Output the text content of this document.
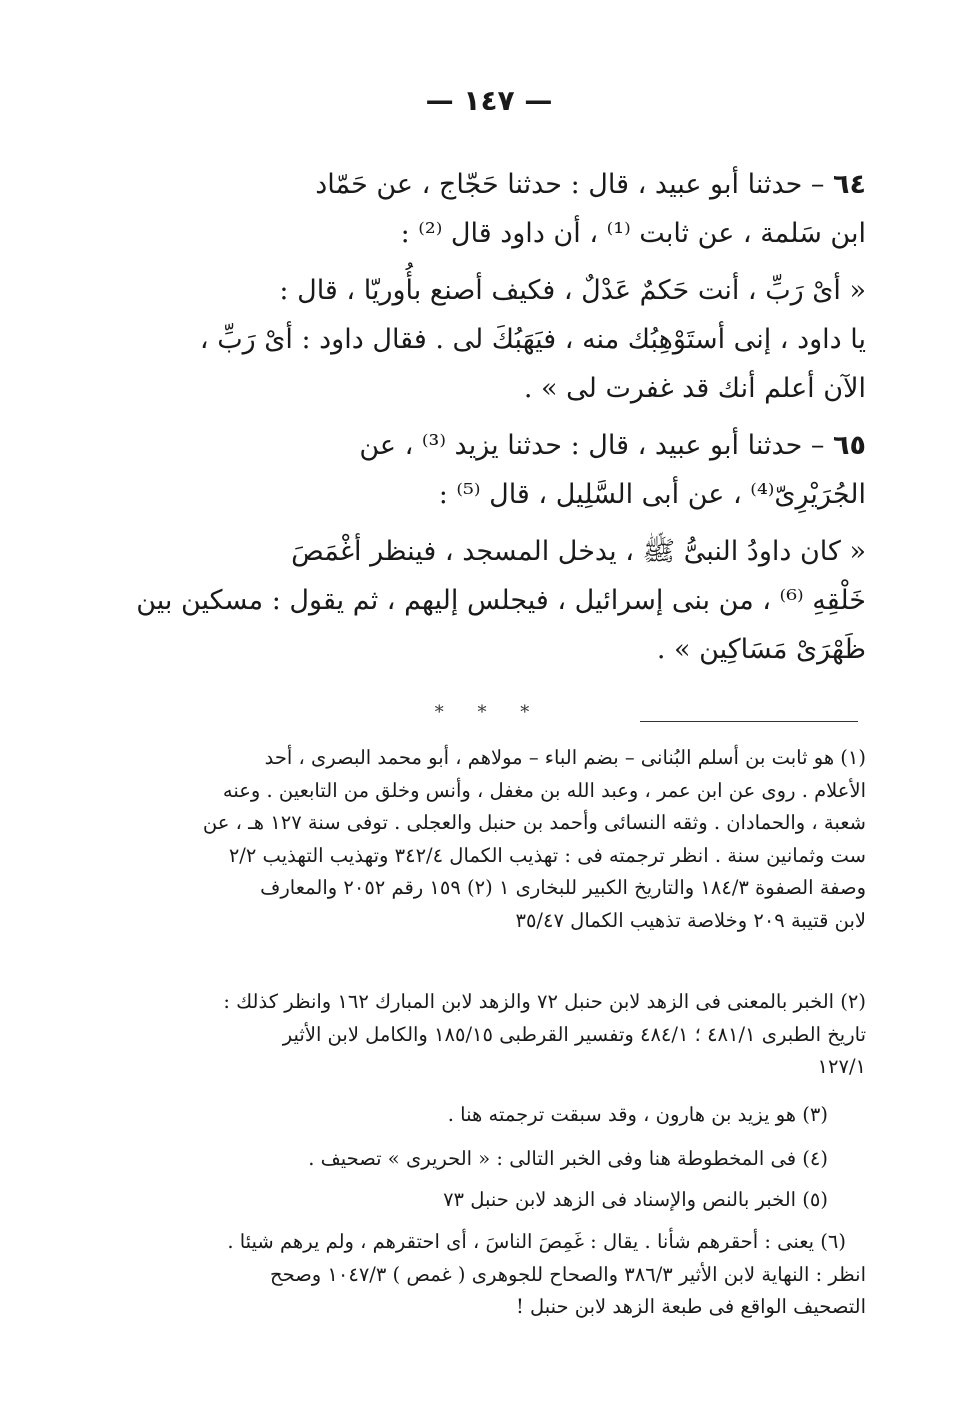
— ١٤٧ —
٦٤ – حدثنا أبو عبيد ، قال : حدثنا حَجّاج ، عن حَمّاد
ابن سَلمة ، عن ثابت ⁽¹⁾ ، أن داود قال ⁽²⁾ :
« أىْ رَبِّ ، أنت حَكمٌ عَدْلٌ ، فكيف أصنع بأُوريّا ، قال :
يا داود ، إنى أستَوْهِبُك منه ، فيَهَبُكَ لى . فقال داود : أىْ رَبِّ ،
الآن أعلم أنك قد غفرت لى » .
٦٥ – حدثنا أبو عبيد ، قال : حدثنا يزيد ⁽³⁾ ، عن
الجُرَيْرِىّ⁽⁴⁾ ، عن أبى السَّلِيل ، قال ⁽⁵⁾ :
« كان داودُ النبىُّ ﷺ ، يدخل المسجد ، فينظر أغْمَصَ
خَلْقِهِ ⁽⁶⁾ ، من بنى إسرائيل ، فيجلس إليهم ، ثم يقول : مسكين بين
ظَهْرَىْ مَسَاكِين » .
* * *
(١) هو ثابت بن أسلم البُنانى – بضم الباء – مولاهم ، أبو محمد البصرى ، أحد
الأعلام . روى عن ابن عمر ، وعبد الله بن مغفل ، وأنس وخلق من التابعين . وعنه
شعبة ، والحمادان . وثقه النسائى وأحمد بن حنبل والعجلى . توفى سنة ١٢٧ هـ ، عن
ست وثمانين سنة . انظر ترجمته فى : تهذيب الكمال ٣٤٢/٤ وتهذيب التهذيب ٢/٢
وصفة الصفوة ١٨٤/٣ والتاريخ الكبير للبخارى ١ (٢) ١٥٩ رقم ٢٠٥٢ والمعارف
لابن قتيبة ٢٠٩ وخلاصة تذهيب الكمال ٣٥/٤٧
(٢) الخبر بالمعنى فى الزهد لابن حنبل ٧٢ والزهد لابن المبارك ١٦٢ وانظر كذلك :
تاريخ الطبرى ٤٨١/١ ؛ ٤٨٤/١ وتفسير القرطبى ١٨٥/١٥ والكامل لابن الأثير
١٢٧/١
(٣) هو يزيد بن هارون ، وقد سبقت ترجمته هنا .
(٤) فى المخطوطة هنا وفى الخبر التالى : « الحريرى » تصحيف .
(٥) الخبر بالنص والإسناد فى الزهد لابن حنبل ٧٣
(٦) يعنى : أحقرهم شأنا . يقال : غَمِصَ الناسَ ، أى احتقرهم ، ولم يرهم شيئا .
انظر : النهاية لابن الأثير ٣٨٦/٣ والصحاح للجوهرى ( غمص ) ١٠٤٧/٣ وصحح
التصحيف الواقع فى طبعة الزهد لابن حنبل !
